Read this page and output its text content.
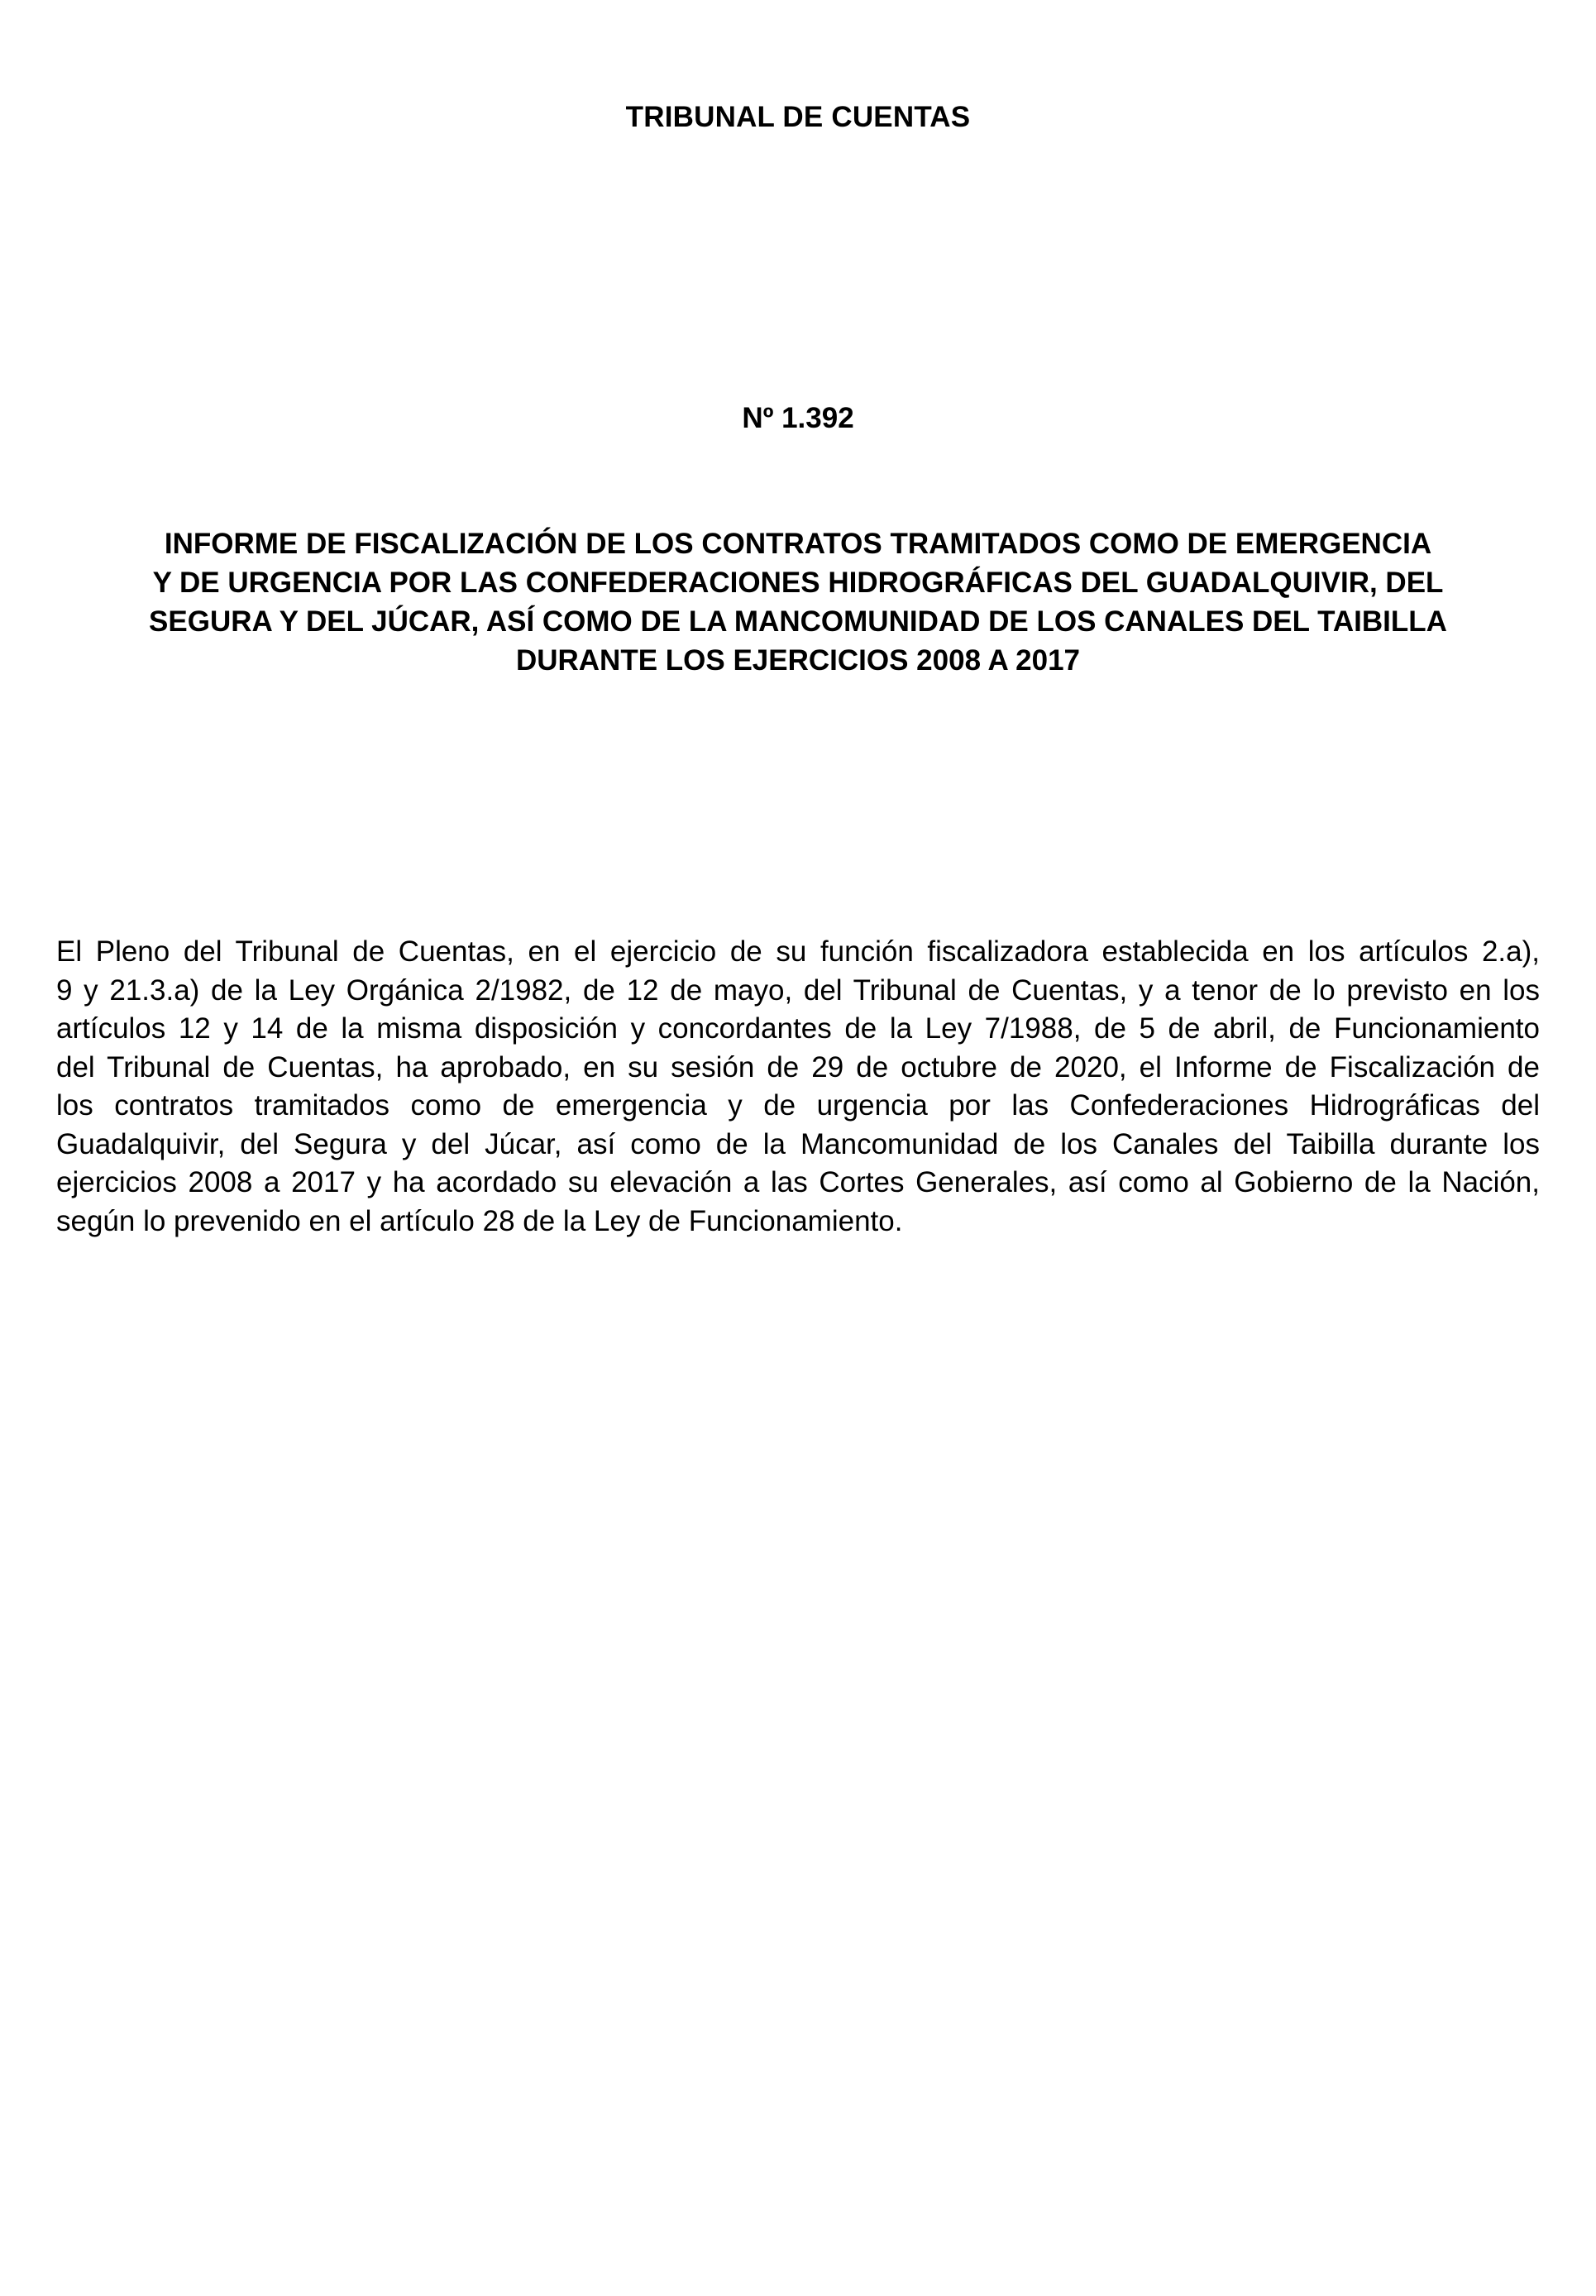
TRIBUNAL DE CUENTAS
Nº 1.392
INFORME DE FISCALIZACIÓN DE LOS CONTRATOS TRAMITADOS COMO DE EMERGENCIA
Y DE URGENCIA POR LAS CONFEDERACIONES HIDROGRÁFICAS DEL GUADALQUIVIR, DEL
SEGURA Y DEL JÚCAR, ASÍ COMO DE LA MANCOMUNIDAD DE LOS CANALES DEL TAIBILLA
DURANTE LOS EJERCICIOS 2008 A 2017
El Pleno del Tribunal de Cuentas, en el ejercicio de su función fiscalizadora establecida en los artículos 2.a),
9 y 21.3.a) de la Ley Orgánica 2/1982, de 12 de mayo, del Tribunal de Cuentas, y a tenor de lo previsto en los
artículos 12 y 14 de la misma disposición y concordantes de la Ley 7/1988, de 5 de abril, de Funcionamiento
del Tribunal de Cuentas, ha aprobado, en su sesión de 29 de octubre de 2020, el Informe de Fiscalización de
los contratos tramitados como de emergencia y de urgencia por las Confederaciones Hidrográficas del
Guadalquivir, del Segura y del Júcar, así como de la Mancomunidad de los Canales del Taibilla durante los
ejercicios 2008 a 2017 y ha acordado su elevación a las Cortes Generales, así como al Gobierno de la Nación,
según lo prevenido en el artículo 28 de la Ley de Funcionamiento.
